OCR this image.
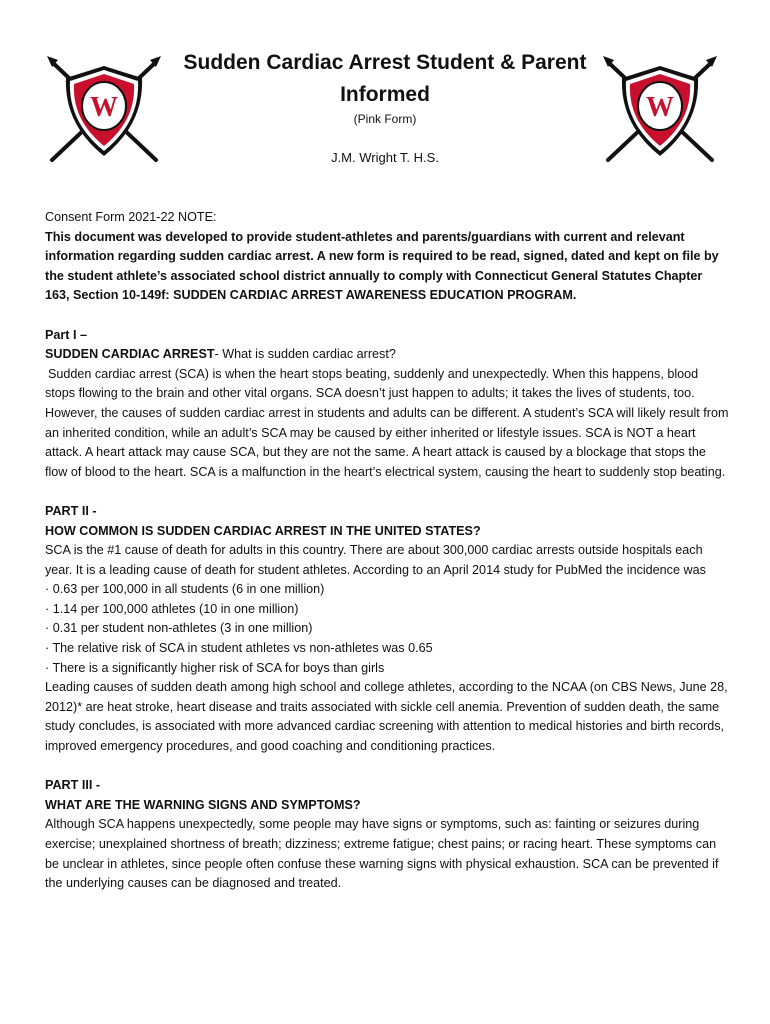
W	W
Sudden Cardiac Arrest Student & Parent Informed
(Pink Form)
J.M. Wright T. H.S.

Consent Form 2021-22 NOTE:

This document was developed to provide student-athletes and parents/guardians with current and relevant information regarding sudden cardiac arrest. A new form is required to be read, signed, dated and kept on file by the student athlete’s associated school district annually to comply with Connecticut General Statutes Chapter 163, Section 10-149f: SUDDEN CARDIAC ARREST AWARENESS EDUCATION PROGRAM.

Part I –

SUDDEN CARDIAC ARREST- What is sudden cardiac arrest?

Sudden cardiac arrest (SCA) is when the heart stops beating, suddenly and unexpectedly. When this happens, blood stops flowing to the brain and other vital organs. SCA doesn’t just happen to adults; it takes the lives of students, too. However, the causes of sudden cardiac arrest in students and adults can be different. A student’s SCA will likely result from an inherited condition, while an adult’s SCA may be caused by either inherited or lifestyle issues. SCA is NOT a heart attack. A heart attack may cause SCA, but they are not the same. A heart attack is caused by a blockage that stops the flow of blood to the heart. SCA is a malfunction in the heart’s electrical system, causing the heart to suddenly stop beating.

PART II -

HOW COMMON IS SUDDEN CARDIAC ARREST IN THE UNITED STATES?

SCA is the #1 cause of death for adults in this country. There are about 300,000 cardiac arrests outside hospitals each year. It is a leading cause of death for student athletes. According to an April 2014 study for PubMed the incidence was

· 0.63 per 100,000 in all students (6 in one million)

· 1.14 per 100,000 athletes (10 in one million)

· 0.31 per student non-athletes (3 in one million)

· The relative risk of SCA in student athletes vs non-athletes was 0.65

· There is a significantly higher risk of SCA for boys than girls

Leading causes of sudden death among high school and college athletes, according to the NCAA (on CBS News, June 28, 2012)* are heat stroke, heart disease and traits associated with sickle cell anemia. Prevention of sudden death, the same study concludes, is associated with more advanced cardiac screening with attention to medical histories and birth records, improved emergency procedures, and good coaching and conditioning practices.

PART III -

WHAT ARE THE WARNING SIGNS AND SYMPTOMS?

Although SCA happens unexpectedly, some people may have signs or symptoms, such as: fainting or seizures during exercise; unexplained shortness of breath; dizziness; extreme fatigue; chest pains; or racing heart. These symptoms can be unclear in athletes, since people often confuse these warning signs with physical exhaustion. SCA can be prevented if the underlying causes can be diagnosed and treated.
